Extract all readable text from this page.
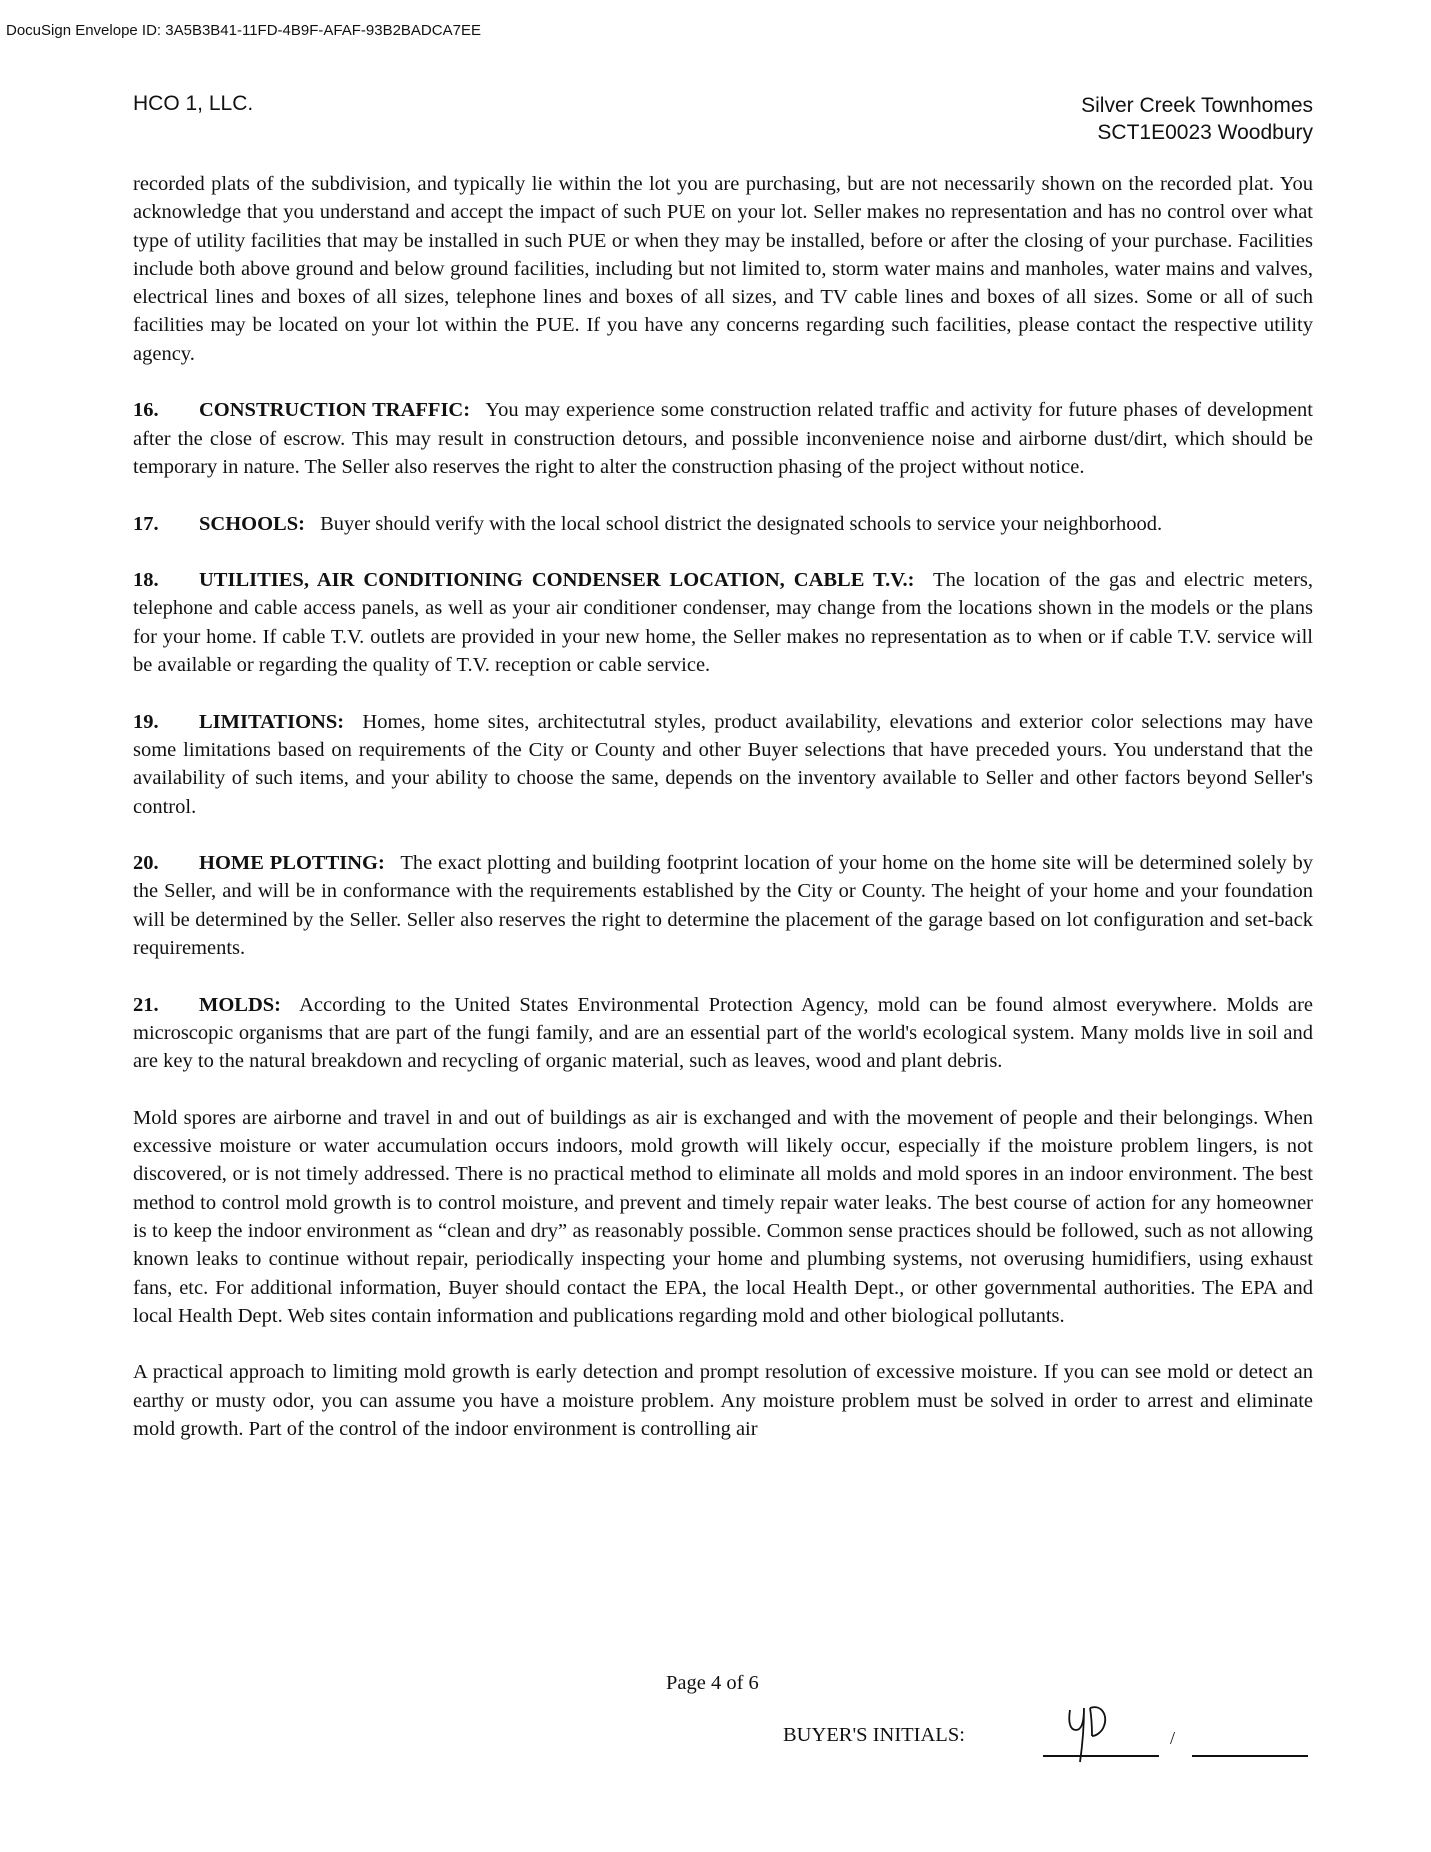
DocuSign Envelope ID: 3A5B3B41-11FD-4B9F-AFAF-93B2BADCA7EE
HCO 1, LLC.	Silver Creek Townhomes
SCT1E0023 Woodbury

recorded plats of the subdivision, and typically lie within the lot you are purchasing, but are not necessarily shown on the recorded plat. You acknowledge that you understand and accept the impact of such PUE on your lot. Seller makes no representation and has no control over what type of utility facilities that may be installed in such PUE or when they may be installed, before or after the closing of your purchase. Facilities include both above ground and below ground facilities, including but not limited to, storm water mains and manholes, water mains and valves, electrical lines and boxes of all sizes, telephone lines and boxes of all sizes, and TV cable lines and boxes of all sizes. Some or all of such facilities may be located on your lot within the PUE. If you have any concerns regarding such facilities, please contact the respective utility agency.

16. CONSTRUCTION TRAFFIC: You may experience some construction related traffic and activity for future phases of development after the close of escrow. This may result in construction detours, and possible inconvenience noise and airborne dust/dirt, which should be temporary in nature. The Seller also reserves the right to alter the construction phasing of the project without notice.

17. SCHOOLS: Buyer should verify with the local school district the designated schools to service your neighborhood.

18. UTILITIES, AIR CONDITIONING CONDENSER LOCATION, CABLE T.V.: The location of the gas and electric meters, telephone and cable access panels, as well as your air conditioner condenser, may change from the locations shown in the models or the plans for your home. If cable T.V. outlets are provided in your new home, the Seller makes no representation as to when or if cable T.V. service will be available or regarding the quality of T.V. reception or cable service.

19. LIMITATIONS: Homes, home sites, architectutral styles, product availability, elevations and exterior color selections may have some limitations based on requirements of the City or County and other Buyer selections that have preceded yours. You understand that the availability of such items, and your ability to choose the same, depends on the inventory available to Seller and other factors beyond Seller's control.

20. HOME PLOTTING: The exact plotting and building footprint location of your home on the home site will be determined solely by the Seller, and will be in conformance with the requirements established by the City or County. The height of your home and your foundation will be determined by the Seller. Seller also reserves the right to determine the placement of the garage based on lot configuration and set-back requirements.

21. MOLDS: According to the United States Environmental Protection Agency, mold can be found almost everywhere. Molds are microscopic organisms that are part of the fungi family, and are an essential part of the world's ecological system. Many molds live in soil and are key to the natural breakdown and recycling of organic material, such as leaves, wood and plant debris.

Mold spores are airborne and travel in and out of buildings as air is exchanged and with the movement of people and their belongings. When excessive moisture or water accumulation occurs indoors, mold growth will likely occur, especially if the moisture problem lingers, is not discovered, or is not timely addressed. There is no practical method to eliminate all molds and mold spores in an indoor environment. The best method to control mold growth is to control moisture, and prevent and timely repair water leaks. The best course of action for any homeowner is to keep the indoor environment as “clean and dry” as reasonably possible. Common sense practices should be followed, such as not allowing known leaks to continue without repair, periodically inspecting your home and plumbing systems, not overusing humidifiers, using exhaust fans, etc. For additional information, Buyer should contact the EPA, the local Health Dept., or other governmental authorities. The EPA and local Health Dept. Web sites contain information and publications regarding mold and other biological pollutants.

A practical approach to limiting mold growth is early detection and prompt resolution of excessive moisture. If you can see mold or detect an earthy or musty odor, you can assume you have a moisture problem. Any moisture problem must be solved in order to arrest and eliminate mold growth. Part of the control of the indoor environment is controlling air

Page 4 of 6
BUYER'S INITIALS:	/
